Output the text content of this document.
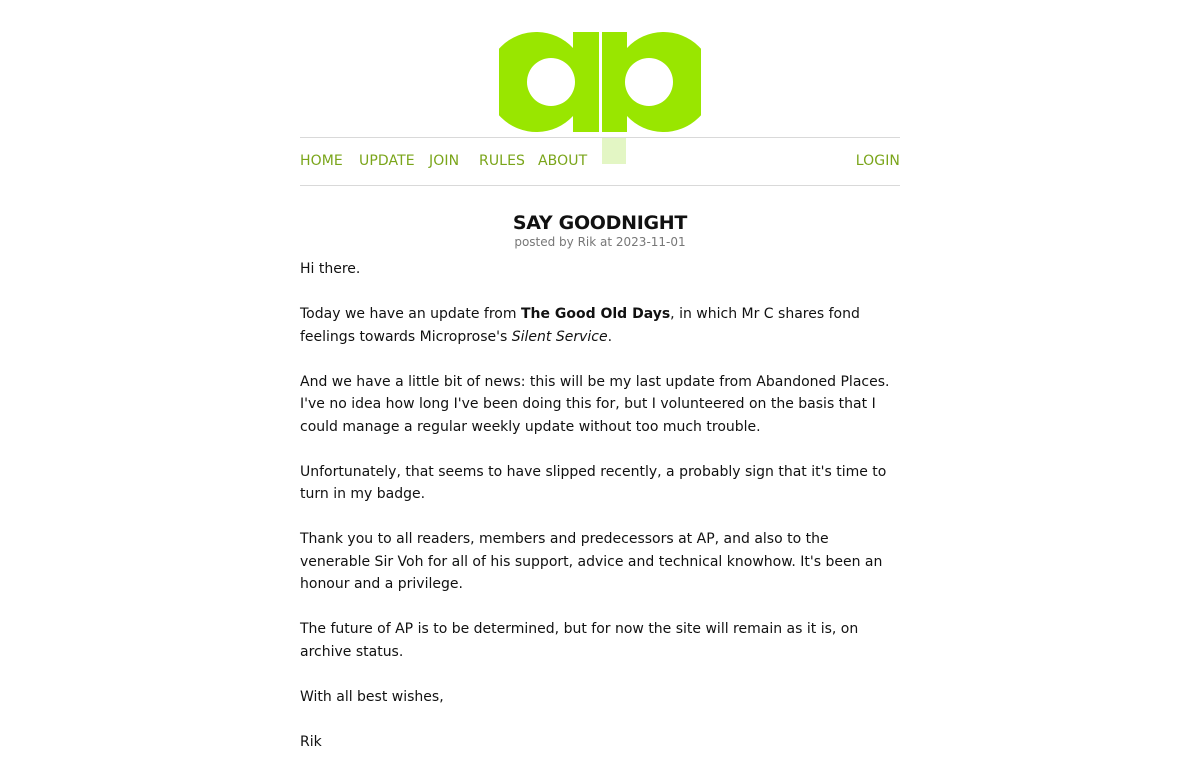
HOME UPDATE JOIN RULES ABOUT	LOGIN
SAY GOODNIGHT
posted by Rik at 2023-11-01

Hi there.

Today we have an update from The Good Old Days, in which Mr C shares fond feelings towards Microprose's Silent Service.

And we have a little bit of news: this will be my last update from Abandoned Places. I've no idea how long I've been doing this for, but I volunteered on the basis that I could manage a regular weekly update without too much trouble.

Unfortunately, that seems to have slipped recently, a probably sign that it's time to turn in my badge.

Thank you to all readers, members and predecessors at AP, and also to the venerable Sir Voh for all of his support, advice and technical knowhow. It's been an honour and a privilege.

The future of AP is to be determined, but for now the site will remain as it is, on archive status.

With all best wishes,

Rik
